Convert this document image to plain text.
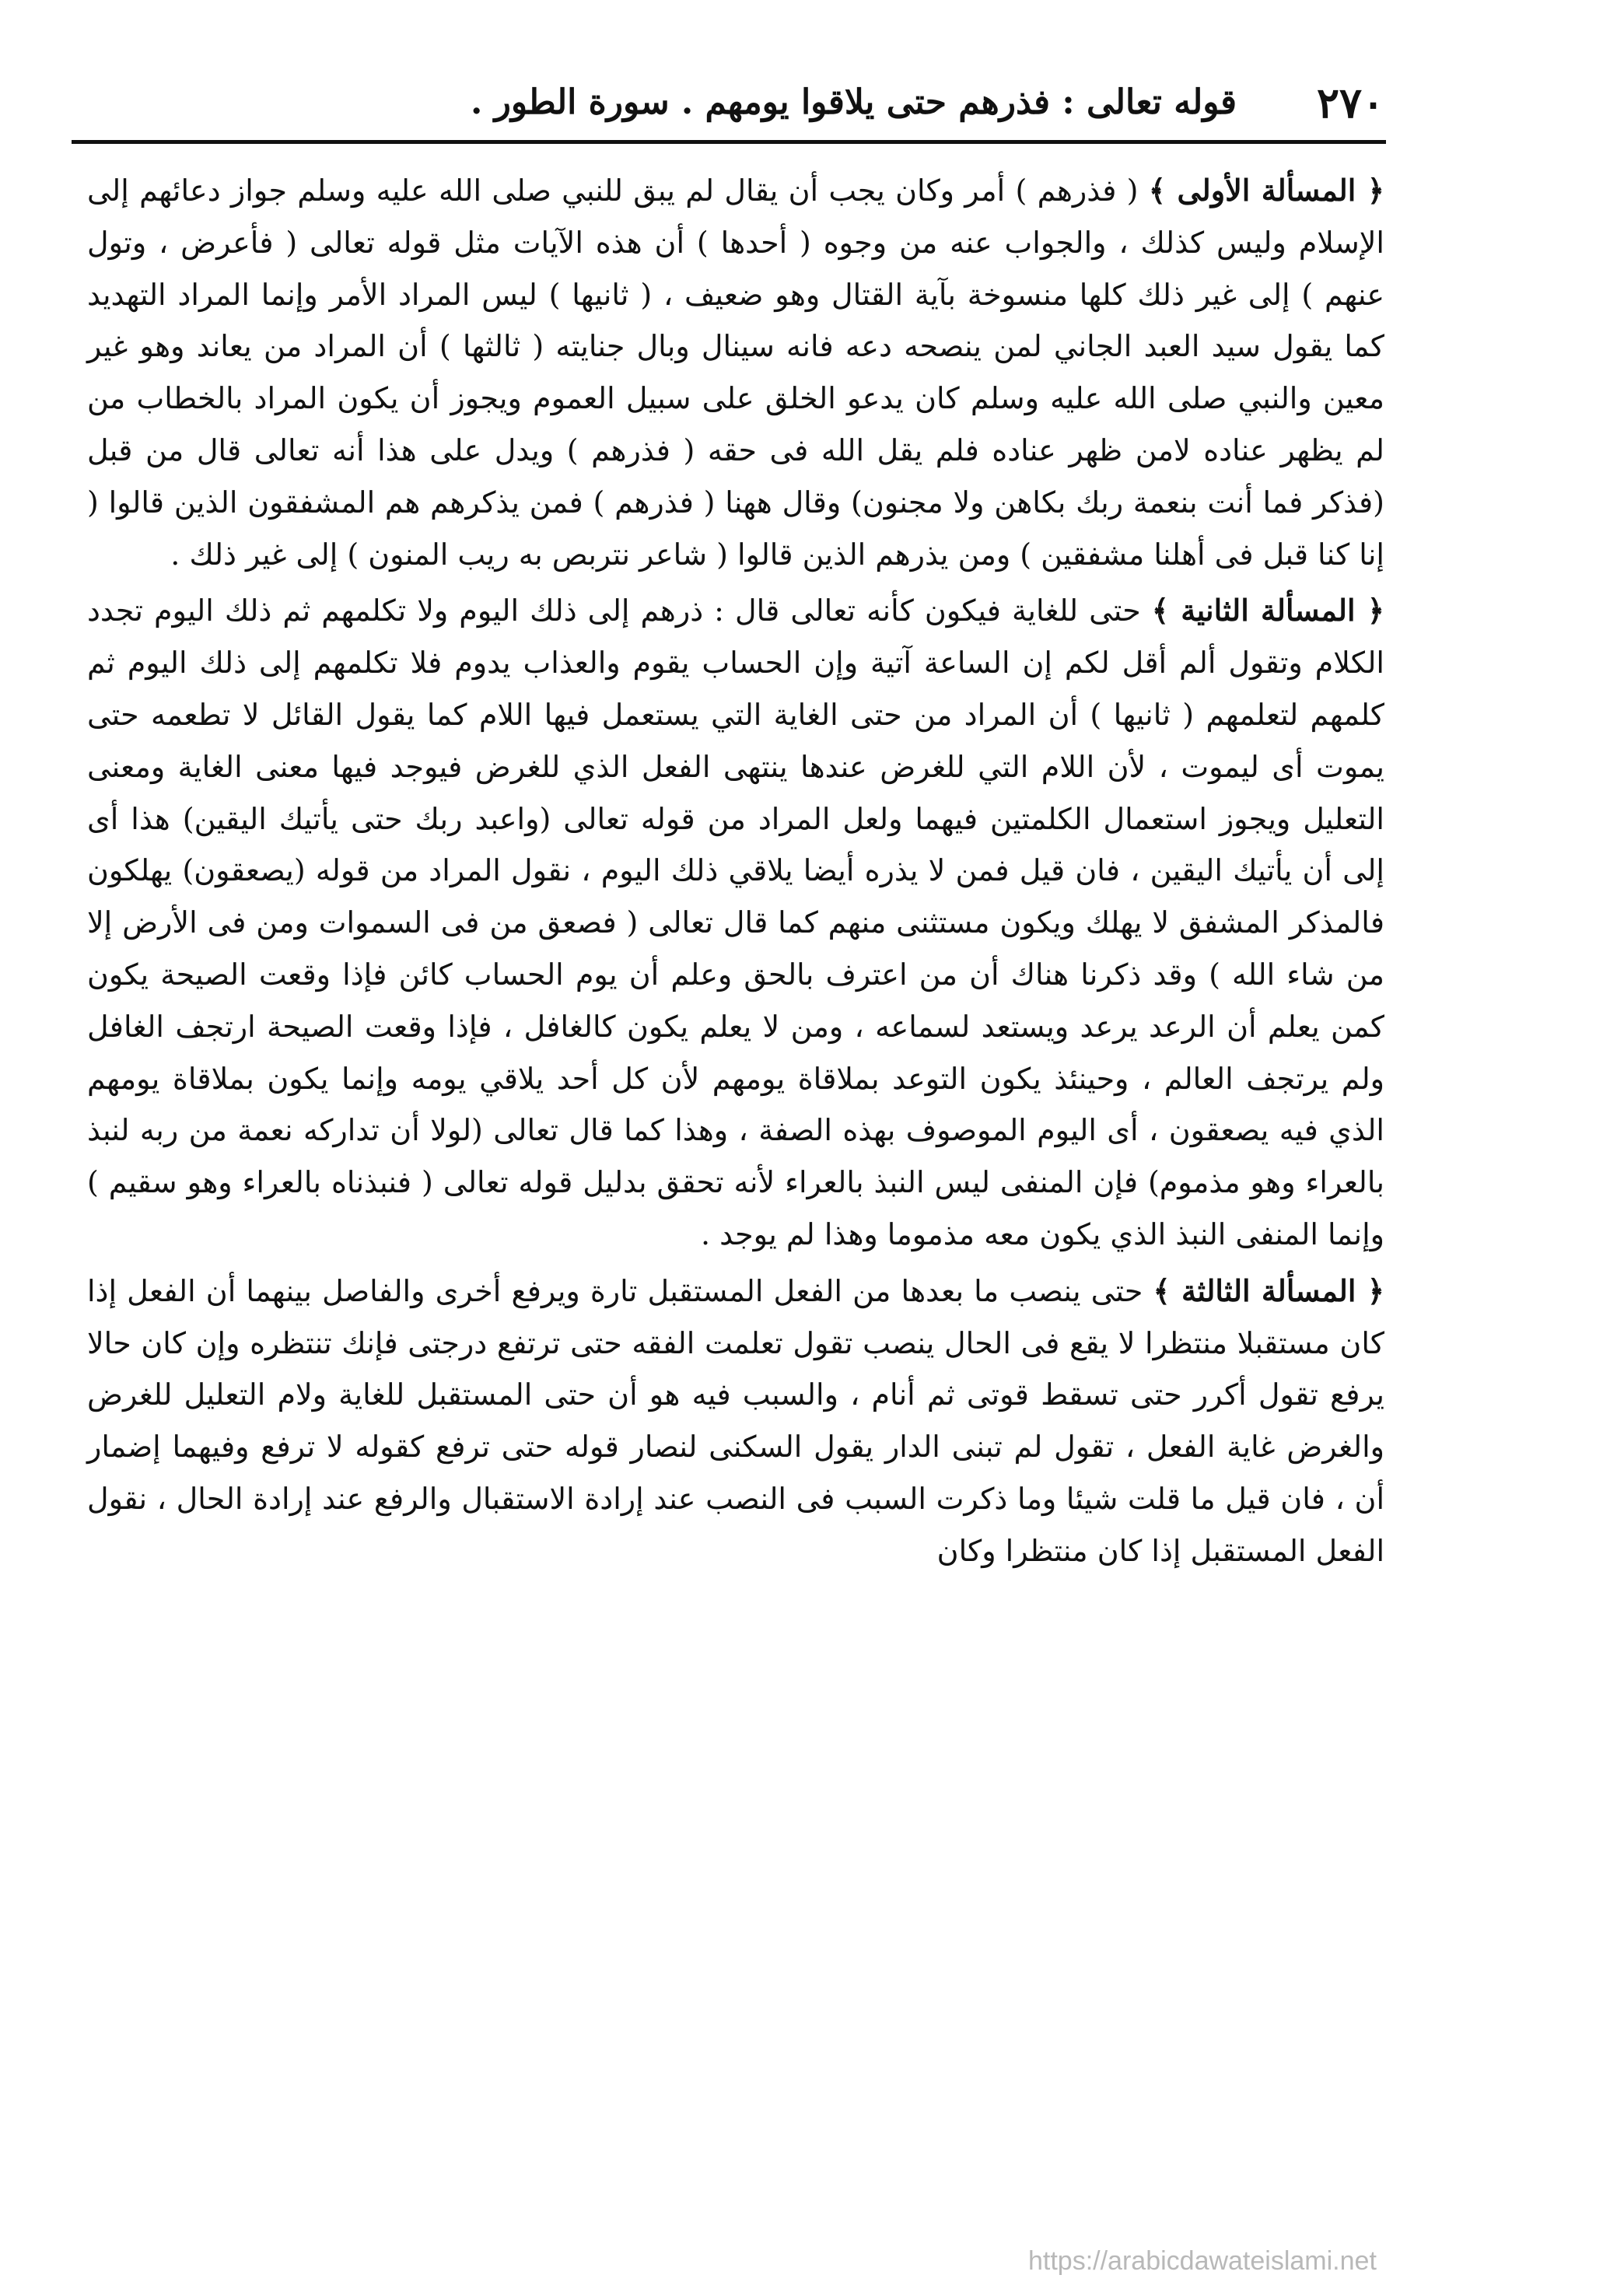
٢٧٠
قوله تعالى : فذرهم حتى يلاقوا يومهم . سورة الطور .

﴿ المسألة الأولى ﴾ ( فذرهم ) أمر وكان يجب أن يقال لم يبق للنبي صلى الله عليه وسلم جواز دعائهم إلى الإسلام وليس كذلك ، والجواب عنه من وجوه ( أحدها ) أن هذه الآيات مثل قوله تعالى ( فأعرض ، وتول عنهم ) إلى غير ذلك كلها منسوخة بآية القتال وهو ضعيف ، ( ثانيها ) ليس المراد الأمر وإنما المراد التهديد كما يقول سيد العبد الجاني لمن ينصحه دعه فانه سينال وبال جنايته ( ثالثها ) أن المراد من يعاند وهو غير معين والنبي صلى الله عليه وسلم كان يدعو الخلق على سبيل العموم ويجوز أن يكون المراد بالخطاب من لم يظهر عناده لامن ظهر عناده فلم يقل الله فى حقه ( فذرهم ) ويدل على هذا أنه تعالى قال من قبل (فذكر فما أنت بنعمة ربك بكاهن ولا مجنون) وقال ههنا ( فذرهم ) فمن يذكرهم هم المشفقون الذين قالوا ( إنا كنا قبل فى أهلنا مشفقين ) ومن يذرهم الذين قالوا ( شاعر نتربص به ريب المنون ) إلى غير ذلك .

﴿ المسألة الثانية ﴾ حتى للغاية فيكون كأنه تعالى قال : ذرهم إلى ذلك اليوم ولا تكلمهم ثم ذلك اليوم تجدد الكلام وتقول ألم أقل لكم إن الساعة آتية وإن الحساب يقوم والعذاب يدوم فلا تكلمهم إلى ذلك اليوم ثم كلمهم لتعلمهم ( ثانيها ) أن المراد من حتى الغاية التي يستعمل فيها اللام كما يقول القائل لا تطعمه حتى يموت أى ليموت ، لأن اللام التي للغرض عندها ينتهى الفعل الذي للغرض فيوجد فيها معنى الغاية ومعنى التعليل ويجوز استعمال الكلمتين فيهما ولعل المراد من قوله تعالى (واعبد ربك حتى يأتيك اليقين) هذا أى إلى أن يأتيك اليقين ، فان قيل فمن لا يذره أيضا يلاقي ذلك اليوم ، نقول المراد من قوله (يصعقون) يهلكون فالمذكر المشفق لا يهلك ويكون مستثنى منهم كما قال تعالى ( فصعق من فى السموات ومن فى الأرض إلا من شاء الله ) وقد ذكرنا هناك أن من اعترف بالحق وعلم أن يوم الحساب كائن فإذا وقعت الصيحة يكون كمن يعلم أن الرعد يرعد ويستعد لسماعه ، ومن لا يعلم يكون كالغافل ، فإذا وقعت الصيحة ارتجف الغافل ولم يرتجف العالم ، وحينئذ يكون التوعد بملاقاة يومهم لأن كل أحد يلاقي يومه وإنما يكون بملاقاة يومهم الذي فيه يصعقون ، أى اليوم الموصوف بهذه الصفة ، وهذا كما قال تعالى (لولا أن تداركه نعمة من ربه لنبذ بالعراء وهو مذموم) فإن المنفى ليس النبذ بالعراء لأنه تحقق بدليل قوله تعالى ( فنبذناه بالعراء وهو سقيم ) وإنما المنفى النبذ الذي يكون معه مذموما وهذا لم يوجد .

﴿ المسألة الثالثة ﴾ حتى ينصب ما بعدها من الفعل المستقبل تارة ويرفع أخرى والفاصل بينهما أن الفعل إذا كان مستقبلا منتظرا لا يقع فى الحال ينصب تقول تعلمت الفقه حتى ترتفع درجتى فإنك تنتظره وإن كان حالا يرفع تقول أكرر حتى تسقط قوتى ثم أنام ، والسبب فيه هو أن حتى المستقبل للغاية ولام التعليل للغرض والغرض غاية الفعل ، تقول لم تبنى الدار يقول السكنى لنصار قوله حتى ترفع كقوله لا ترفع وفيهما إضمار أن ، فان قيل ما قلت شيئا وما ذكرت السبب فى النصب عند إرادة الاستقبال والرفع عند إرادة الحال ، نقول الفعل المستقبل إذا كان منتظرا وكان

https://arabicdawateislami.net
